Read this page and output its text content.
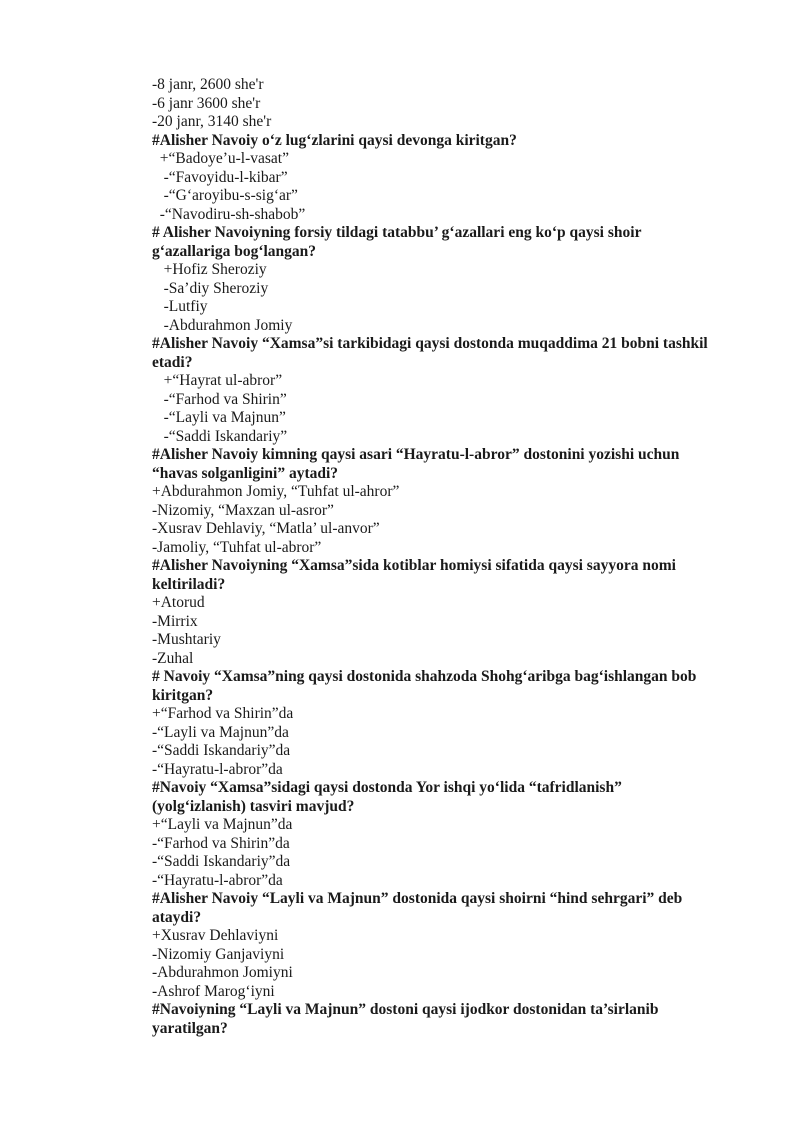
-8 janr, 2600 she'r
-6 janr 3600 she'r
-20 janr, 3140 she'r
#Alisher Navoiy o‘z lug‘zlarini qaysi devonga kiritgan?
+“Badoye’u-l-vasat”
-“Favoyidu-l-kibar”
-“G‘aroyibu-s-sig‘ar”
-“Navodiru-sh-shabob”
# Alisher Navoiyning forsiy tildagi tatabbu’ g‘azallari eng ko‘p qaysi shoir g‘azallariga bog‘langan?
+Hofiz Sheroziy
-Sa’diy Sheroziy
-Lutfiy
-Abdurahmon Jomiy
#Alisher Navoiy “Xamsa”si tarkibidagi qaysi dostonda muqaddima 21 bobni tashkil etadi?
+“Hayrat ul-abror”
-“Farhod va Shirin”
-“Layli va Majnun”
-“Saddi Iskandariy”
#Alisher Navoiy kimning qaysi asari “Hayratu-l-abror” dostonini yozishi uchun “havas solganligini” aytadi?
+Abdurahmon Jomiy, “Tuhfat ul-ahror”
-Nizomiy, “Maxzan ul-asror”
-Xusrav Dehlaviy, “Matla’ ul-anvor”
-Jamoliy, “Tuhfat ul-abror”
#Alisher Navoiyning “Xamsa”sida kotiblar homiysi sifatida qaysi sayyora nomi keltiriladi?
+Atorud
-Mirrix
-Mushtariy
-Zuhal
# Navoiy “Xamsa”ning qaysi dostonida shahzoda Shohg‘aribga bag‘ishlangan bob kiritgan?
+“Farhod va Shirin”da
-“Layli va Majnun”da
-“Saddi Iskandariy”da
-“Hayratu-l-abror”da
#Navoiy “Xamsa”sidagi qaysi dostonda Yor ishqi yo‘lida “tafridlanish” (yolg‘izlanish) tasviri mavjud?
+“Layli va Majnun”da
-“Farhod va Shirin”da
-“Saddi Iskandariy”da
-“Hayratu-l-abror”da
#Alisher Navoiy “Layli va Majnun” dostonida qaysi shoirni “hind sehrgari” deb ataydi?
+Xusrav Dehlaviyni
-Nizomiy Ganjaviyni
-Abdurahmon Jomiyni
-Ashrof Marog‘iyni
#Navoiyning “Layli va Majnun” dostoni qaysi ijodkor dostonidan ta’sirlanib yaratilgan?
